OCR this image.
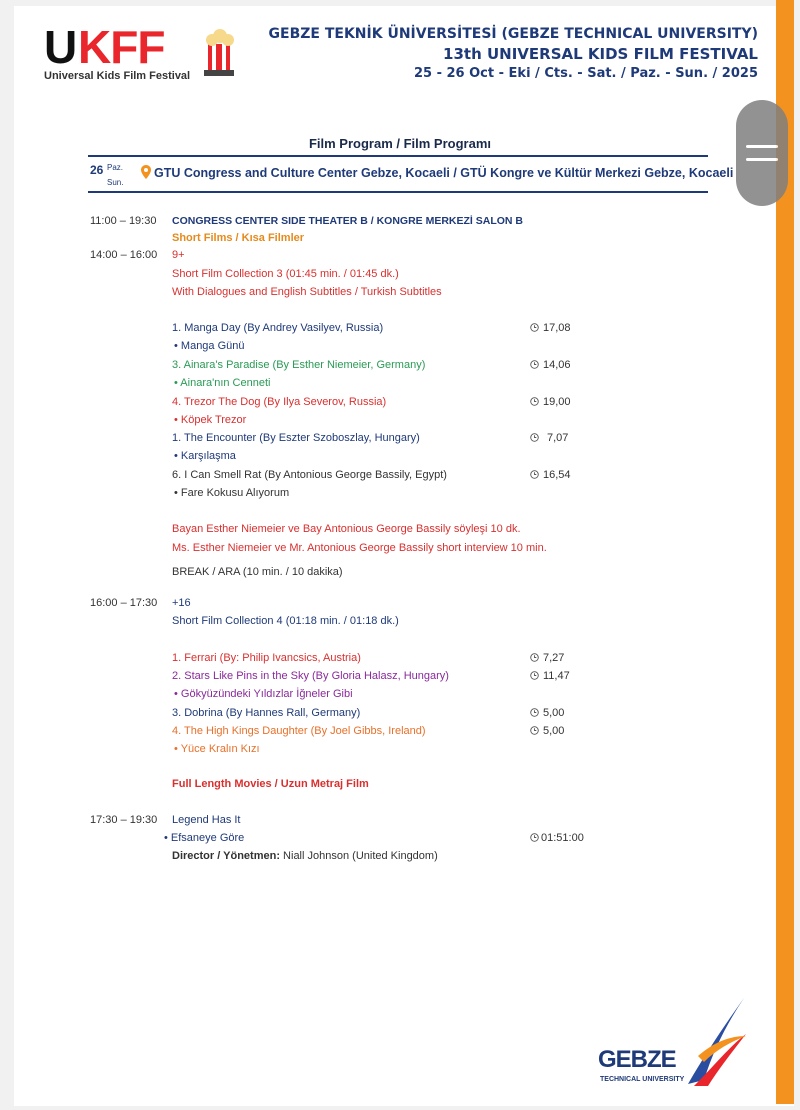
U KFF
Universal Kids Film Festival
GEBZE TEKNİK ÜNİVERSİTESİ (GEBZE TECHNICAL UNIVERSITY)
13th UNIVERSAL KIDS FILM FESTIVAL
25 - 26 Oct - Eki / Cts. - Sat. / Paz. - Sun. / 2025
Film Program / Film Programı
26 Paz.
Sun.
GTU Congress and Culture Center Gebze, Kocaeli / GTÜ Kongre ve Kültür Merkezi Gebze, Kocaeli
11:00 – 19:30 CONGRESS CENTER SIDE THEATER B / KONGRE MERKEZİ SALON B
Short Films / Kısa Filmler
14:00 – 16:00 9+
Short Film Collection 3 (01:45 min. / 01:45 dk.)
With Dialogues and English Subtitles / Turkish Subtitles
1. Manga Day (By Andrey Vasilyev, Russia)	17,08
• Manga Günü
3. Ainara's Paradise (By Esther Niemeier, Germany)	14,06
• Ainara'nın Cenneti
4. Trezor The Dog (By Ilya Severov, Russia)	19,00
• Köpek Trezor
1. The Encounter (By Eszter Szoboszlay, Hungary)	7,07
• Karşılaşma
6. I Can Smell Rat (By Antonious George Bassily, Egypt)	16,54
• Fare Kokusu Alıyorum
Bayan Esther Niemeier ve Bay Antonious George Bassily söyleşi 10 dk.
Ms. Esther Niemeier ve Mr. Antonious George Bassily short interview 10 min.
BREAK / ARA (10 min. / 10 dakika)
16:00 – 17:30 +16
Short Film Collection 4 (01:18 min. / 01:18 dk.)
1. Ferrari (By: Philip Ivancsics, Austria)	7,27
2. Stars Like Pins in the Sky (By Gloria Halasz, Hungary)	11,47
• Gökyüzündeki Yıldızlar İğneler Gibi
3. Dobrina (By Hannes Rall, Germany)	5,00
4. The High Kings Daughter (By Joel Gibbs, Ireland)	5,00
• Yüce Kralın Kızı
Full Length Movies / Uzun Metraj Film
17:30 – 19:30 Legend Has It
• Efsaneye Göre	01:51:00
Director / Yönetmen: Niall Johnson (United Kingdom)
GEBZE
TECHNICAL UNIVERSITY
